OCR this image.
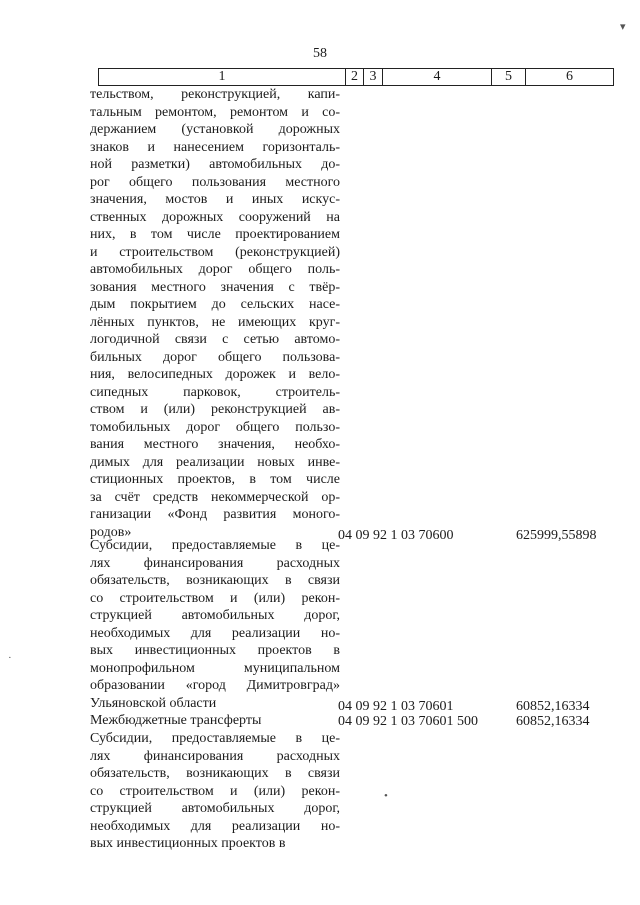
58
1	2 3	4	5	6
тельством, реконструкцией, капи-
тальным ремонтом, ремонтом и со-
держанием (установкой дорожных
знаков и нанесением горизонталь-
ной разметки) автомобильных до-
рог общего пользования местного
значения, мостов и иных искус-
ственных дорожных сооружений на
них, в том числе проектированием
и строительством (реконструкцией)
автомобильных дорог общего поль-
зования местного значения с твёр-
дым покрытием до сельских насе-
лённых пунктов, не имеющих круг-
логодичной связи с сетью автомо-
бильных дорог общего пользова-
ния, велосипедных дорожек и вело-
сипедных парковок, строитель-
ством и (или) реконструкцией ав-
томобильных дорог общего пользо-
вания местного значения, необхо-
димых для реализации новых инве-
стиционных проектов, в том числе
за счёт средств некоммерческой ор-
ганизации «Фонд развития моного-
родов»	04 09 92 1 03 70600	625999,55898
Субсидии, предоставляемые в це-
лях финансирования расходных
обязательств, возникающих в связи
со строительством и (или) рекон-
струкцией автомобильных дорог,
необходимых для реализации но-
вых инвестиционных проектов в
монопрофильном муниципальном
образовании «город Димитровград»
Ульяновской области	04 09 92 1 03 70601	60852,16334
Межбюджетные трансферты	04 09 92 1 03 70601 500	60852,16334
Субсидии, предоставляемые в це-
лях финансирования расходных
обязательств, возникающих в связи
со строительством и (или) рекон-
струкцией автомобильных дорог,
необходимых для реализации но-
вых инвестиционных проектов в
▾
·
•
